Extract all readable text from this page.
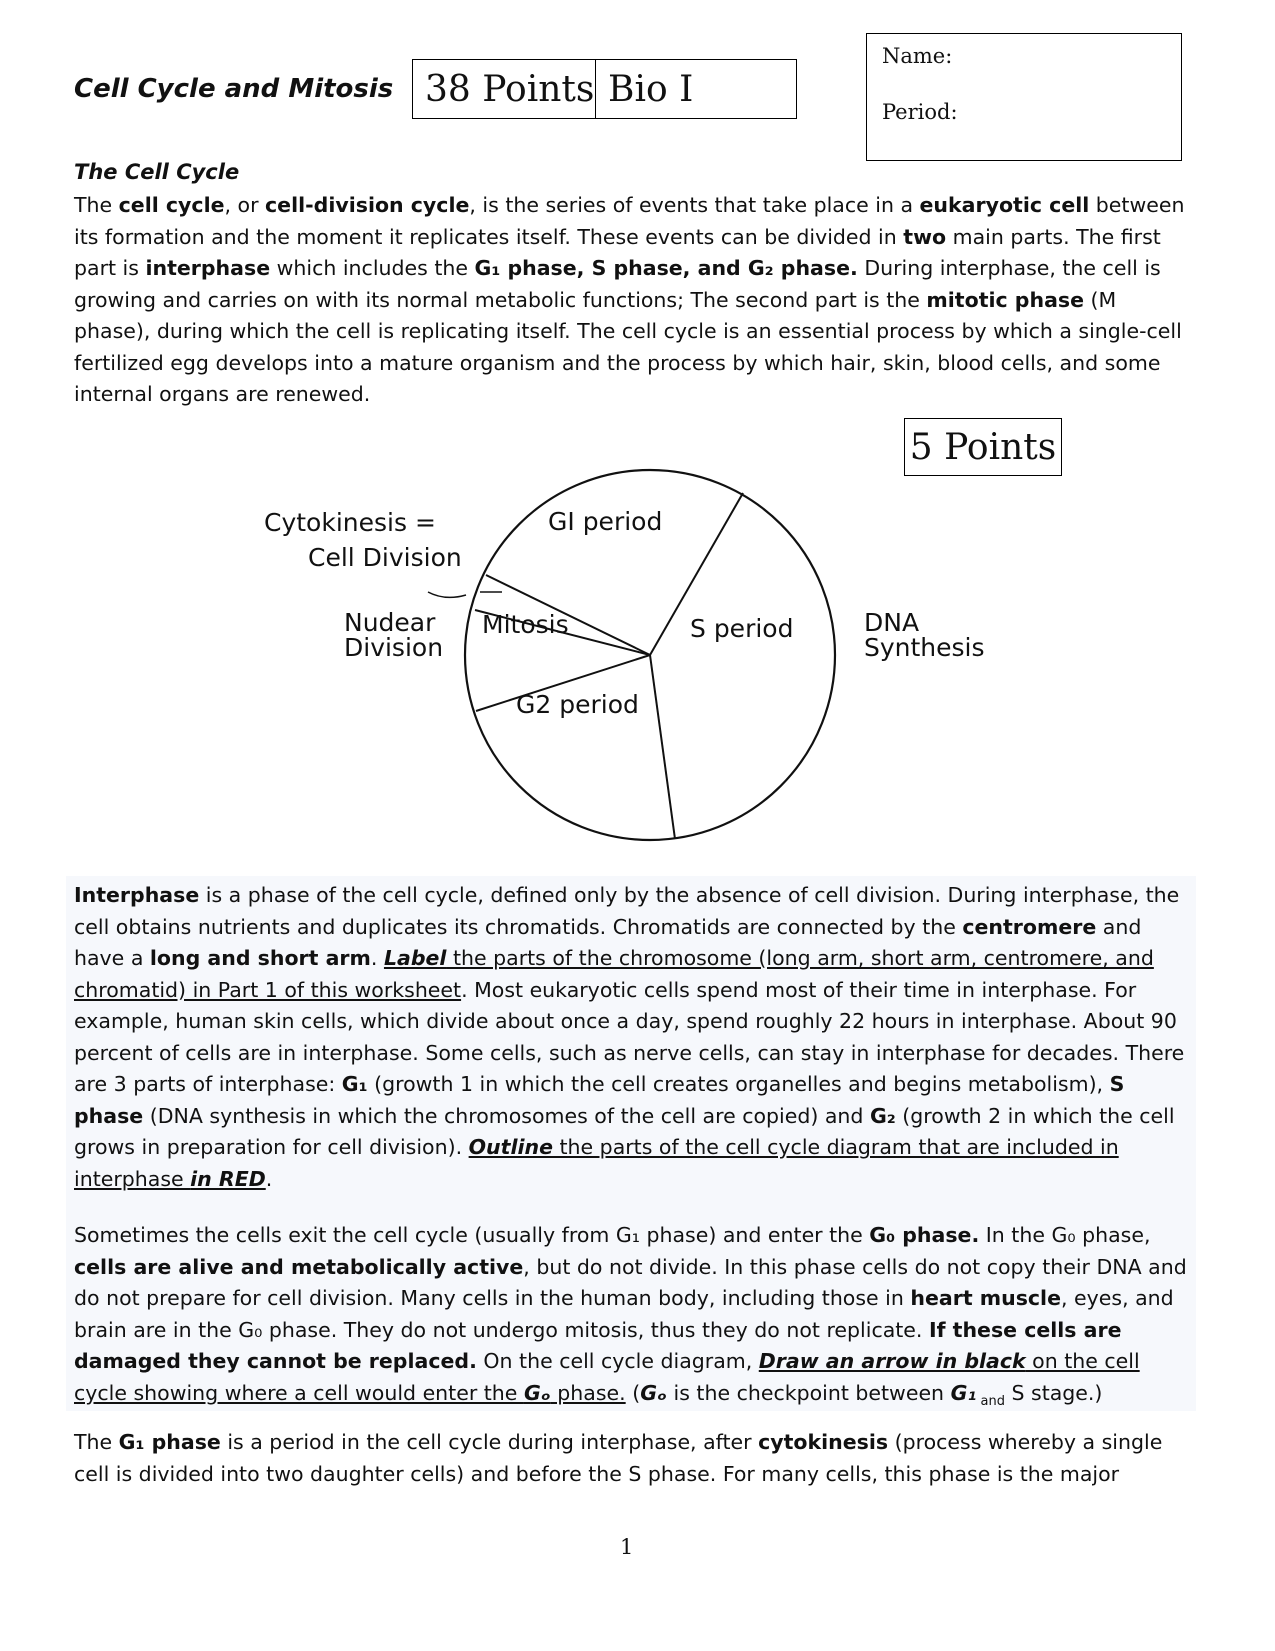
Cell Cycle and Mitosis 38 Points Bio I
Name:
Period:
The Cell Cycle

The cell cycle, or cell-division cycle, is the series of events that take place in a eukaryotic cell between its formation and the moment it replicates itself. These events can be divided in two main parts. The first part is interphase which includes the G₁ phase, S phase, and G₂ phase. During interphase, the cell is growing and carries on with its normal metabolic functions; The second part is the mitotic phase (M phase), during which the cell is replicating itself. The cell cycle is an essential process by which a single-cell fertilized egg develops into a mature organism and the process by which hair, skin, blood cells, and some internal organs are renewed.

5 Points
GI period
S period
G2 period
Mitosis
Cytokinesis =
Cell Division
Nudear
Division
DNA
Synthesis

Interphase is a phase of the cell cycle, defined only by the absence of cell division. During interphase, the cell obtains nutrients and duplicates its chromatids. Chromatids are connected by the centromere and have a long and short arm. Label the parts of the chromosome (long arm, short arm, centromere, and chromatid) in Part 1 of this worksheet. Most eukaryotic cells spend most of their time in interphase. For example, human skin cells, which divide about once a day, spend roughly 22 hours in interphase. About 90 percent of cells are in interphase. Some cells, such as nerve cells, can stay in interphase for decades. There are 3 parts of interphase: G₁ (growth 1 in which the cell creates organelles and begins metabolism), S phase (DNA synthesis in which the chromosomes of the cell are copied) and G₂ (growth 2 in which the cell grows in preparation for cell division). Outline the parts of the cell cycle diagram that are included in interphase in RED.

Sometimes the cells exit the cell cycle (usually from G₁ phase) and enter the G₀ phase. In the G₀ phase, cells are alive and metabolically active, but do not divide. In this phase cells do not copy their DNA and do not prepare for cell division. Many cells in the human body, including those in heart muscle, eyes, and brain are in the G₀ phase. They do not undergo mitosis, thus they do not replicate. If these cells are damaged they cannot be replaced. On the cell cycle diagram, Draw an arrow in black on the cell cycle showing where a cell would enter the Gₒ phase. (Gₒ is the checkpoint between G₁ $_{and}$ S stage.)

The G₁ phase is a period in the cell cycle during interphase, after cytokinesis (process whereby a single cell is divided into two daughter cells) and before the S phase. For many cells, this phase is the major

1
